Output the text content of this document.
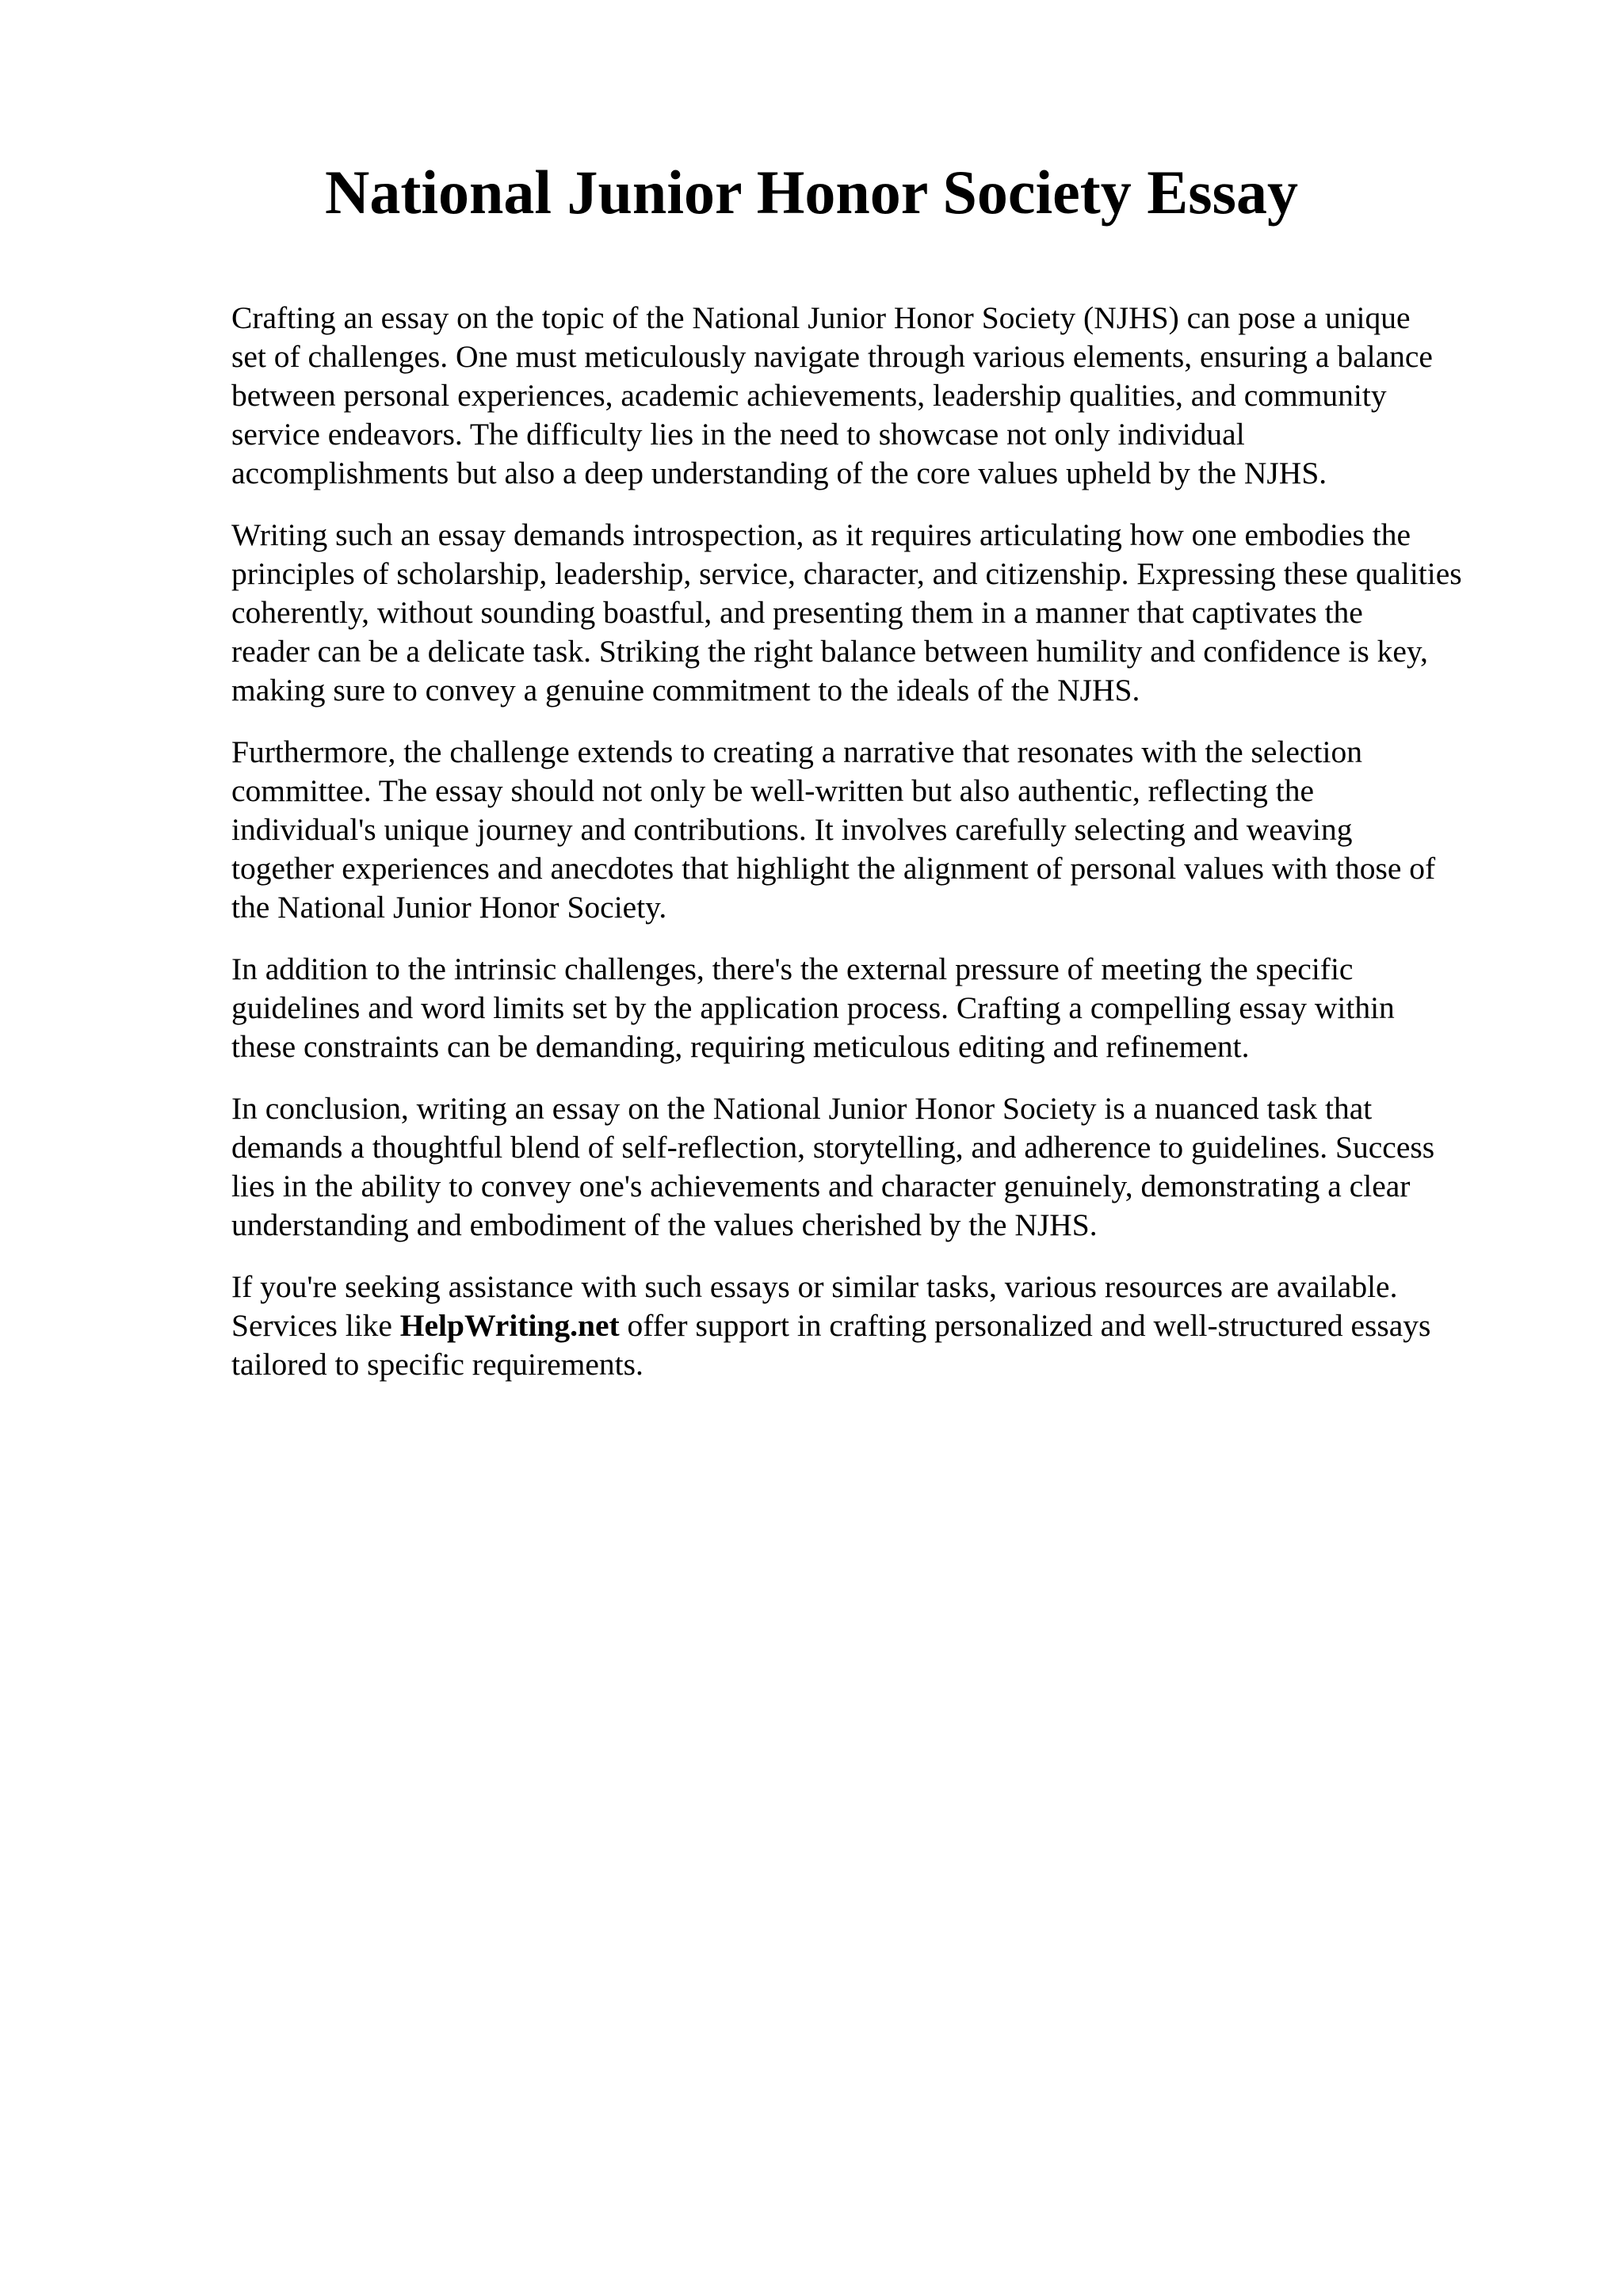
National Junior Honor Society Essay

Crafting an essay on the topic of the National Junior Honor Society (NJHS) can pose a unique
set of challenges. One must meticulously navigate through various elements, ensuring a balance
between personal experiences, academic achievements, leadership qualities, and community
service endeavors. The difficulty lies in the need to showcase not only individual
accomplishments but also a deep understanding of the core values upheld by the NJHS.

Writing such an essay demands introspection, as it requires articulating how one embodies the
principles of scholarship, leadership, service, character, and citizenship. Expressing these qualities
coherently, without sounding boastful, and presenting them in a manner that captivates the
reader can be a delicate task. Striking the right balance between humility and confidence is key,
making sure to convey a genuine commitment to the ideals of the NJHS.

Furthermore, the challenge extends to creating a narrative that resonates with the selection
committee. The essay should not only be well-written but also authentic, reflecting the
individual's unique journey and contributions. It involves carefully selecting and weaving
together experiences and anecdotes that highlight the alignment of personal values with those of
the National Junior Honor Society.

In addition to the intrinsic challenges, there's the external pressure of meeting the specific
guidelines and word limits set by the application process. Crafting a compelling essay within
these constraints can be demanding, requiring meticulous editing and refinement.

In conclusion, writing an essay on the National Junior Honor Society is a nuanced task that
demands a thoughtful blend of self-reflection, storytelling, and adherence to guidelines. Success
lies in the ability to convey one's achievements and character genuinely, demonstrating a clear
understanding and embodiment of the values cherished by the NJHS.

If you're seeking assistance with such essays or similar tasks, various resources are available.
Services like HelpWriting.net offer support in crafting personalized and well-structured essays
tailored to specific requirements.
